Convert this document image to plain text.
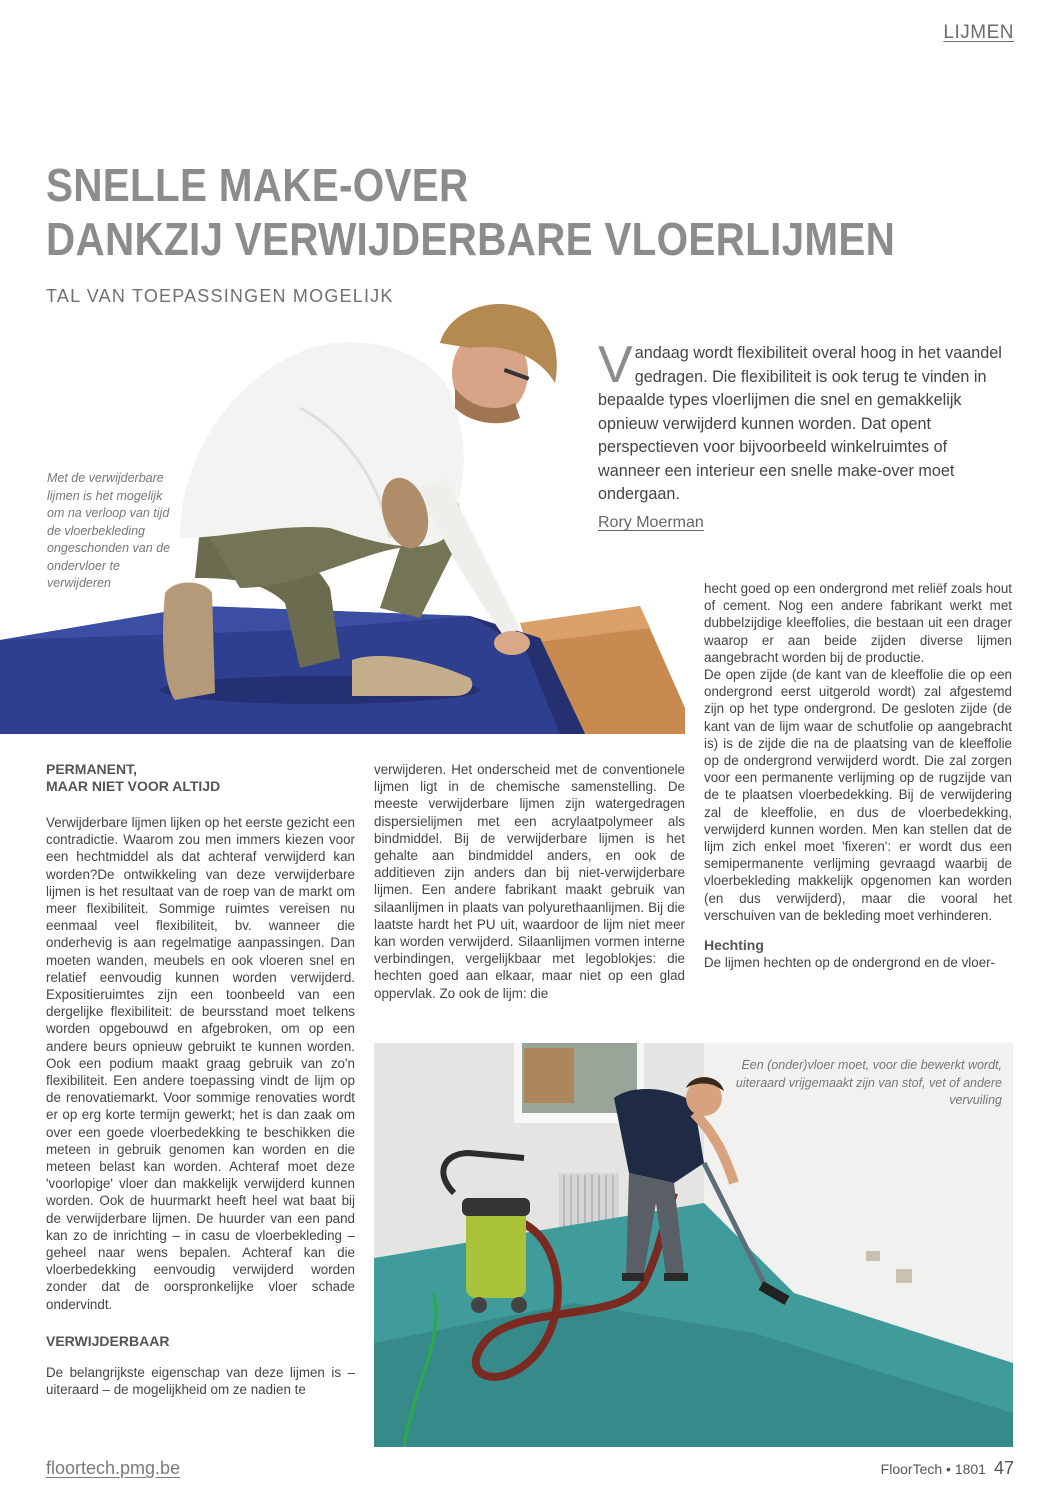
LIJMEN
SNELLE MAKE-OVER
DANKZIJ VERWIJDERBARE VLOERLIJMEN
TAL VAN TOEPASSINGEN MOGELIJK
Met de verwijderbare lijmen is het mogelijk om na verloop van tijd de vloerbekleding ongeschonden van de ondervloer te verwijderen
Vandaag wordt flexibiliteit overal hoog in het vaandel gedragen. Die flexibiliteit is ook terug te vinden in bepaalde types vloerlijmen die snel en gemakkelijk opnieuw verwijderd kunnen worden. Dat opent perspectieven voor bijvoorbeeld winkelruimtes of wanneer een interieur een snelle make-over moet ondergaan.
Rory Moerman
PERMANENT,
MAAR NIET VOOR ALTIJD

Verwijderbare lijmen lijken op het eerste gezicht een contradictie. Waarom zou men immers kiezen voor een hechtmiddel als dat achteraf verwijderd kan worden?De ontwikkeling van deze verwijderbare lijmen is het resultaat van de roep van de markt om meer flexibiliteit. Sommige ruimtes vereisen nu eenmaal veel flexibiliteit, bv. wanneer die onderhevig is aan regelmatige aanpassingen. Dan moeten wanden, meubels en ook vloeren snel en relatief eenvoudig kunnen worden verwijderd. Expositieruimtes zijn een toonbeeld van een dergelijke flexibiliteit: de beursstand moet telkens worden opgebouwd en afgebroken, om op een andere beurs opnieuw gebruikt te kunnen worden. Ook een podium maakt graag gebruik van zo'n flexibiliteit. Een andere toepassing vindt de lijm op de renovatiemarkt. Voor sommige renovaties wordt er op erg korte termijn gewerkt; het is dan zaak om over een goede vloerbedekking te beschikken die meteen in gebruik genomen kan worden en die meteen belast kan worden. Achteraf moet deze 'voorlopige' vloer dan makkelijk verwijderd kunnen worden. Ook de huurmarkt heeft heel wat baat bij de verwijderbare lijmen. De huurder van een pand kan zo de inrichting – in casu de vloerbekleding – geheel naar wens bepalen. Achteraf kan die vloerbedekking eenvoudig verwijderd worden zonder dat de oorspronkelijke vloer schade ondervindt.

VERWIJDERBAAR

De belangrijkste eigenschap van deze lijmen is – uiteraard – de mogelijkheid om ze nadien te

verwijderen. Het onderscheid met de conventionele lijmen ligt in de chemische samenstelling. De meeste verwijderbare lijmen zijn watergedragen dispersielijmen met een acrylaatpolymeer als bindmiddel. Bij de verwijderbare lijmen is het gehalte aan bindmiddel anders, en ook de additieven zijn anders dan bij niet-verwijderbare lijmen. Een andere fabrikant maakt gebruik van silaanlijmen in plaats van polyurethaanlijmen. Bij die laatste hardt het PU uit, waardoor de lijm niet meer kan worden verwijderd. Silaanlijmen vormen interne verbindingen, vergelijkbaar met legoblokjes: die hechten goed aan elkaar, maar niet op een glad oppervlak. Zo ook de lijm: die

hecht goed op een ondergrond met reliëf zoals hout of cement. Nog een andere fabrikant werkt met dubbelzijdige kleeffolies, die bestaan uit een drager waarop er aan beide zijden diverse lijmen aangebracht worden bij de productie.

De open zijde (de kant van de kleeffolie die op een ondergrond eerst uitgerold wordt) zal afgestemd zijn op het type ondergrond. De gesloten zijde (de kant van de lijm waar de schutfolie op aangebracht is) is de zijde die na de plaatsing van de kleeffolie op de ondergrond verwijderd wordt. Die zal zorgen voor een permanente verlijming op de rugzijde van de te plaatsen vloerbedekking. Bij de verwijdering zal de kleeffolie, en dus de vloerbedekking, verwijderd kunnen worden. Men kan stellen dat de lijm zich enkel moet 'fixeren': er wordt dus een semipermanente verlijming gevraagd waarbij de vloerbekleding makkelijk opgenomen kan worden (en dus verwijderd), maar die vooral het verschuiven van de bekleding moet verhinderen.

Hechting

De lijmen hechten op de ondergrond en de vloer-

Een (onder)vloer moet, voor die bewerkt wordt, uiteraard vrijgemaakt zijn van stof, vet of andere vervuiling
floortech.pmg.be	FloorTech • 1801 47
